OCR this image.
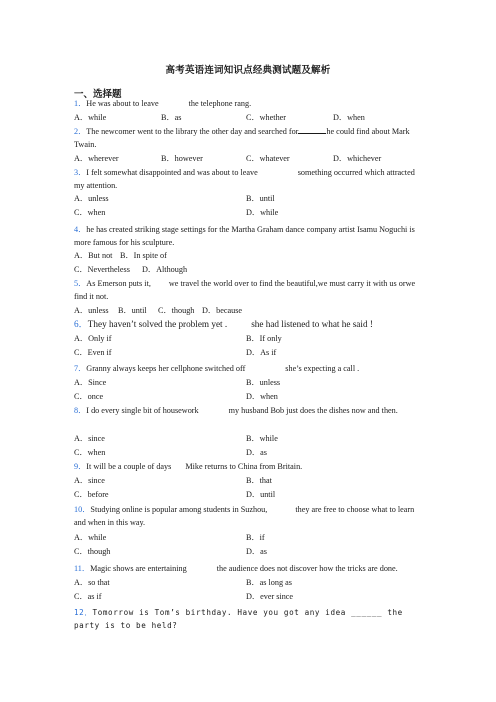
高考英语连词知识点经典测试题及解析
一、选择题
1．He was about to leave	the telephone rang.
A．while	B．as	C．whether	D．when
2．The newcomer went to the library the other day and searched for	he could find about Mark Twain.
A．wherever	B．however	C．whatever	D．whichever
3．I felt somewhat disappointed and was about to leave	something occurred which attracted my attention.
A．unless	B．until
C．when	D．while
4．he has created striking stage settings for the Martha Graham dance company artist Isamu Noguchi is more famous for his sculpture.
A．But not B．In spite of
C．Nevertheless D．Although
5．As Emerson puts it, we travel the world over to find the beautiful,we must carry it with us orwe find it not.
A．unless B．until C．though D．because
6．They haven’t solved the problem yet .	she had listened to what he said !
A．Only if	B．If only
C．Even if	D．As if
7．Granny always keeps her cellphone switched off	she’s expecting a call .
A．Since	B．unless
C．once	D．when
8．I do every single bit of housework	my husband Bob just does the dishes now and then.
A．since	B．while
C．when	D．as
9．It will be a couple of days Mike returns to China from Britain.
A．since	B．that
C．before	D．until
10．Studying online is popular among students in Suzhou,	they are free to choose what to learn and when in this way.
A．while	B．if
C．though	D．as
11．Magic shows are entertaining	the audience does not discover how the tricks are done.
A．so that	B．as long as
C．as if	D．ever since
12．Tomorrow is Tom’s birthday. Have you got any idea ______ the party is to be held?
